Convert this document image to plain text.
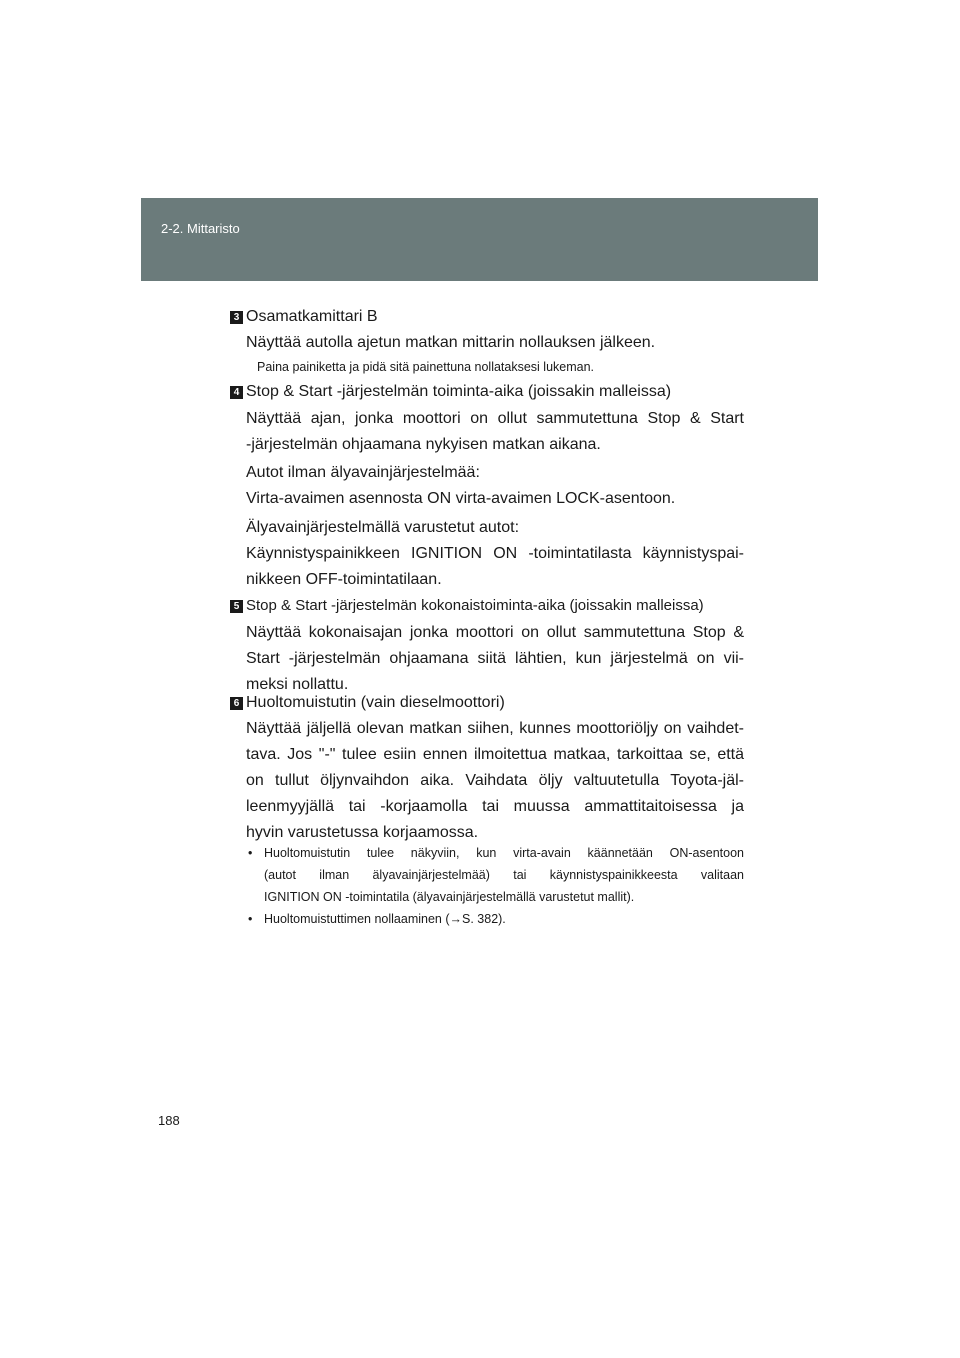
2-2. Mittaristo
3 Osamatkamittari B
Näyttää autolla ajetun matkan mittarin nollauksen jälkeen.
Paina painiketta ja pidä sitä painettuna nollataksesi lukeman.
4 Stop & Start -järjestelmän toiminta-aika (joissakin malleissa)
Näyttää ajan, jonka moottori on ollut sammutettuna Stop & Start
-järjestelmän ohjaamana nykyisen matkan aikana.
Autot ilman älyavainjärjestelmää:
Virta-avaimen asennosta ON virta-avaimen LOCK-asentoon.
Älyavainjärjestelmällä varustetut autot:
Käynnistyspainikkeen IGNITION ON -toimintatilasta käynnistyspai-
nikkeen OFF-toimintatilaan.
5 Stop & Start -järjestelmän kokonaistoiminta-aika (joissakin malleissa)
Näyttää kokonaisajan jonka moottori on ollut sammutettuna Stop &
Start -järjestelmän ohjaamana siitä lähtien, kun järjestelmä on vii-
meksi nollattu.
6 Huoltomuistutin (vain dieselmoottori)
Näyttää jäljellä olevan matkan siihen, kunnes moottoriöljy on vaihdet-
tava. Jos "-" tulee esiin ennen ilmoitettua matkaa, tarkoittaa se, että
on tullut öljynvaihdon aika. Vaihdata öljy valtuutetulla Toyota-jäl-
leenmyyjällä tai -korjaamolla tai muussa ammattitaitoisessa ja
hyvin varustetussa korjaamossa.
• Huoltomuistutin tulee näkyviin, kun virta-avain käännetään ON-asentoon
(autot ilman älyavainjärjestelmää) tai käynnistyspainikkeesta valitaan
IGNITION ON -toimintatila (älyavainjärjestelmällä varustetut mallit).
• Huoltomuistuttimen nollaaminen (→S. 382).
188
